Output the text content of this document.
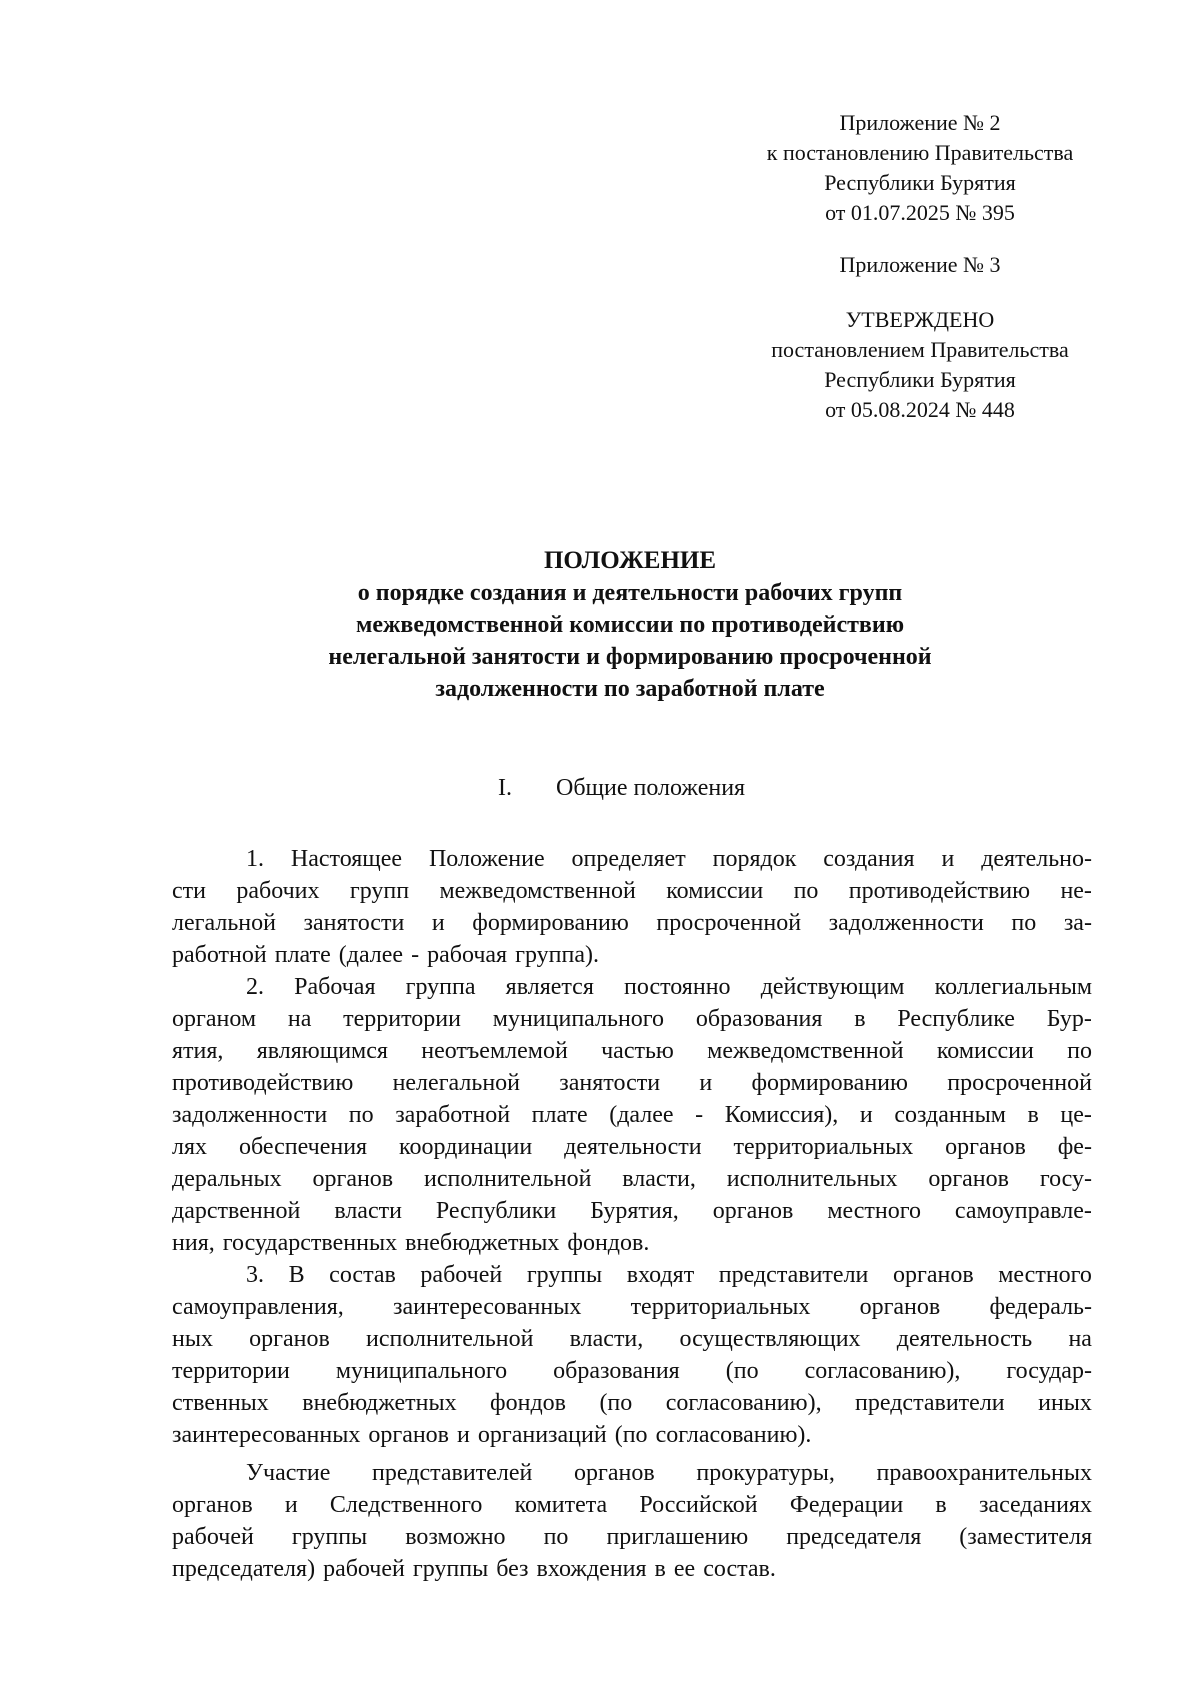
Приложение № 2
к постановлению Правительства
Республики Бурятия
от 01.07.2025 № 395
Приложение № 3
УТВЕРЖДЕНО
постановлением Правительства
Республики Бурятия
от 05.08.2024 № 448
ПОЛОЖЕНИЕ
о порядке создания и деятельности рабочих групп
межведомственной комиссии по противодействию
нелегальной занятости и формированию просроченной
задолженности по заработной плате
I. Общие положения
1. Настоящее Положение определяет порядок создания и деятельно-
сти рабочих групп межведомственной комиссии по противодействию не-
легальной занятости и формированию просроченной задолженности по за-
работной плате (далее - рабочая группа).
2. Рабочая группа является постоянно действующим коллегиальным
органом на территории муниципального образования в Республике Бур-
ятия, являющимся неотъемлемой частью межведомственной комиссии по
противодействию нелегальной занятости и формированию просроченной
задолженности по заработной плате (далее - Комиссия), и созданным в це-
лях обеспечения координации деятельности территориальных органов фе-
деральных органов исполнительной власти, исполнительных органов госу-
дарственной власти Республики Бурятия, органов местного самоуправле-
ния, государственных внебюджетных фондов.
3. В состав рабочей группы входят представители органов местного
самоуправления, заинтересованных территориальных органов федераль-
ных органов исполнительной власти, осуществляющих деятельность на
территории муниципального образования (по согласованию), государ-
ственных внебюджетных фондов (по согласованию), представители иных
заинтересованных органов и организаций (по согласованию).
Участие представителей органов прокуратуры, правоохранительных
органов и Следственного комитета Российской Федерации в заседаниях
рабочей группы возможно по приглашению председателя (заместителя
председателя) рабочей группы без вхождения в ее состав.
